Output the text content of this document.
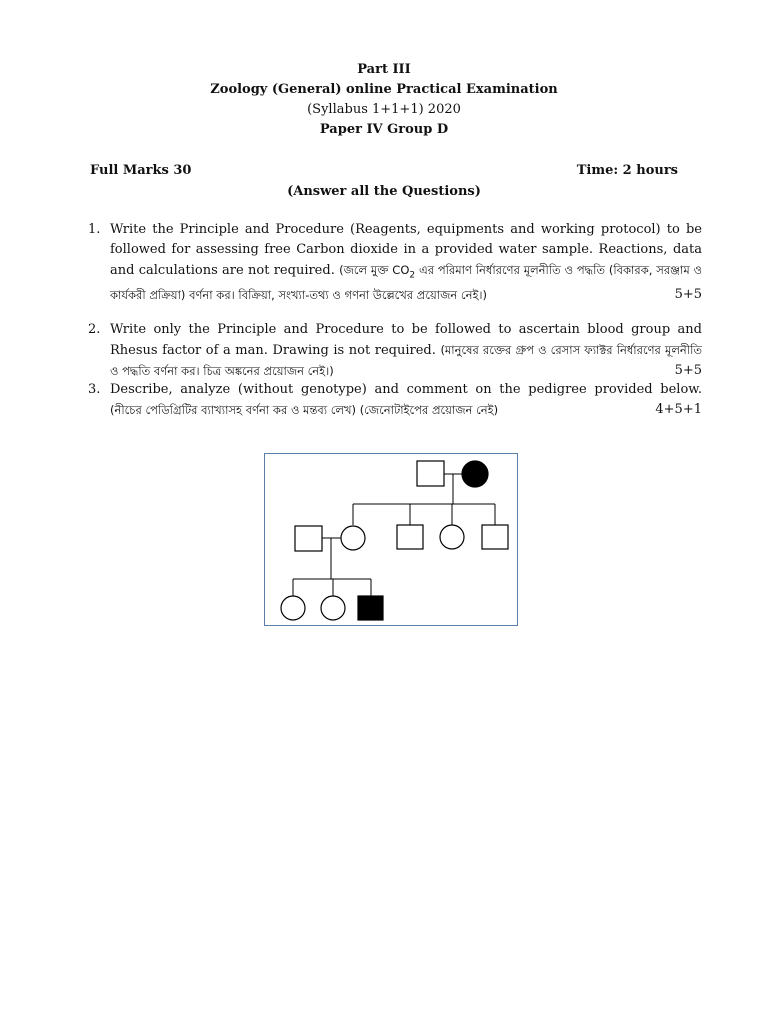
Part III
Zoology (General) online Practical Examination
(Syllabus 1+1+1) 2020
Paper IV Group D
Full Marks 30	Time: 2 hours
(Answer all the Questions)
1. Write the Principle and Procedure (Reagents, equipments and working protocol) to be followed for assessing free Carbon dioxide in a provided water sample. Reactions, data and calculations are not required. (জলে মুক্ত $CO_2$ এর পরিমাণ নির্ধারণের মূলনীতি ও পদ্ধতি (বিকারক, সরঞ্জাম ও কার্যকরী প্রক্রিয়া) বর্ণনা কর। বিক্রিয়া, সংখ্যা-তথ্য ও গণনা উল্লেখের প্রয়োজন নেই।)	5+5
2. Write only the Principle and Procedure to be followed to ascertain blood group and Rhesus factor of a man. Drawing is not required. (মানুষের রক্তের গ্রুপ ও রেসাস ফ্যাক্টর নির্ধারণের মূলনীতি ও পদ্ধতি বর্ণনা কর। চিত্র অঙ্কনের প্রয়োজন নেই।)	5+5
3. Describe, analyze (without genotype) and comment on the pedigree provided below. (নীচের পেডিগ্রিটির ব্যাখ্যাসহ বর্ণনা কর ও মন্তব্য লেখ) (জেনোটাইপের প্রয়োজন নেই)	4+5+1
